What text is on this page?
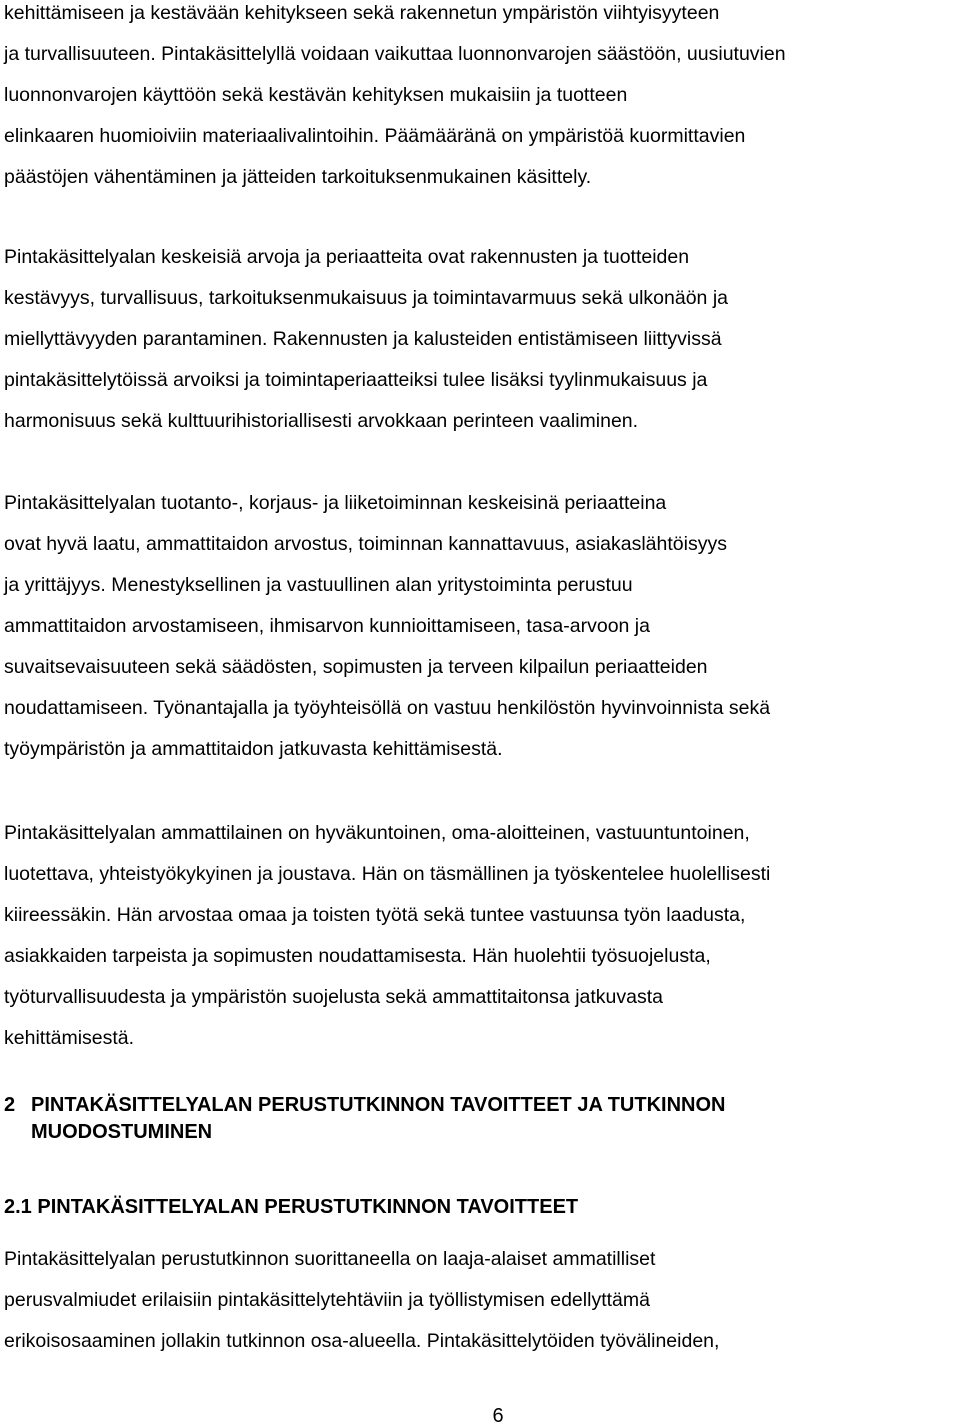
kehittämiseen ja kestävään kehitykseen sekä rakennetun ympäristön viihtyisyyteen
ja turvallisuuteen. Pintakäsittelyllä voidaan vaikuttaa luonnonvarojen säästöön, uusiutuvien
luonnonvarojen käyttöön sekä kestävän kehityksen mukaisiin ja tuotteen
elinkaaren huomioiviin materiaalivalintoihin. Päämääränä on ympäristöä kuormittavien
päästöjen vähentäminen ja jätteiden tarkoituksenmukainen käsittely.

Pintakäsittelyalan keskeisiä arvoja ja periaatteita ovat rakennusten ja tuotteiden
kestävyys, turvallisuus, tarkoituksenmukaisuus ja toimintavarmuus sekä ulkonäön ja
miellyttävyyden parantaminen. Rakennusten ja kalusteiden entistämiseen liittyvissä
pintakäsittelytöissä arvoiksi ja toimintaperiaatteiksi tulee lisäksi tyylinmukaisuus ja
harmonisuus sekä kulttuurihistoriallisesti arvokkaan perinteen vaaliminen.

Pintakäsittelyalan tuotanto-, korjaus- ja liiketoiminnan keskeisinä periaatteina
ovat hyvä laatu, ammattitaidon arvostus, toiminnan kannattavuus, asiakaslähtöisyys
ja yrittäjyys. Menestyksellinen ja vastuullinen alan yritystoiminta perustuu
ammattitaidon arvostamiseen, ihmisarvon kunnioittamiseen, tasa-arvoon ja
suvaitsevaisuuteen sekä säädösten, sopimusten ja terveen kilpailun periaatteiden
noudattamiseen. Työnantajalla ja työyhteisöllä on vastuu henkilöstön hyvinvoinnista sekä
työympäristön ja ammattitaidon jatkuvasta kehittämisestä.

Pintakäsittelyalan ammattilainen on hyväkuntoinen, oma-aloitteinen, vastuuntuntoinen,
luotettava, yhteistyökykyinen ja joustava. Hän on täsmällinen ja työskentelee huolellisesti
kiireessäkin. Hän arvostaa omaa ja toisten työtä sekä tuntee vastuunsa työn laadusta,
asiakkaiden tarpeista ja sopimusten noudattamisesta. Hän huolehtii työsuojelusta,
työturvallisuudesta ja ympäristön suojelusta sekä ammattitaitonsa jatkuvasta
kehittämisestä.

2 PINTAKÄSITTELYALAN PERUSTUTKINNON TAVOITTEET JA TUTKINNON
MUODOSTUMINEN
2.1 PINTAKÄSITTELYALAN PERUSTUTKINNON TAVOITTEET

Pintakäsittelyalan perustutkinnon suorittaneella on laaja-alaiset ammatilliset
perusvalmiudet erilaisiin pintakäsittelytehtäviin ja työllistymisen edellyttämä
erikoisosaaminen jollakin tutkinnon osa-alueella. Pintakäsittelytöiden työvälineiden,

6
